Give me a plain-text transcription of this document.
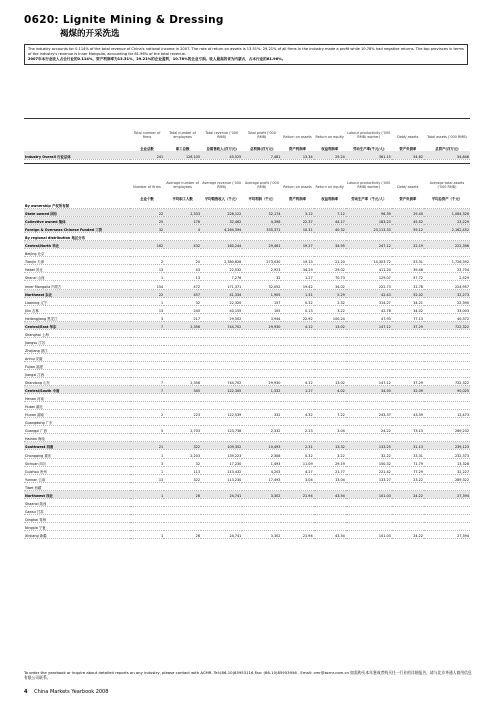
0620: Lignite Mining & Dressing
褐煤的开采洗选
The industry accounts for 0.114% of the total revenue of China's national income in 2007. The rate of return on assets is 13.51%. 29.21% of all firms in the industry made a profit while 10.78% had negative returns. The top provinces in terms of the industry's revenue is Inner Mongolia, accounting for 61.96% of the total revenue.
2007年本行业收入占全行业的0.114%，资产利润率为13.51%，29.21%的企业盈利，10.78%的企业亏损。收入最高的省为内蒙古，占本行业的61.96%。
	Total number of firms	Total number of employees	Total revenue (’000 RMB)	Total profit (’000 RMB)	Return on assets	Return on equity	Labour productivity (’000 RMB/ worker)	Debt/ assets	Total assets (’000 RMB)
	企业总数	职工总数	总销售收入(百万元)	总利润(百万元)	资产利润率	权益利润率	劳动生产率(千元/人)	资产负债率	总资产(百万元)
Industry Overall 行业总体	241	126,105	45,525	7,481	13.34	29.24	361.15	54.62	54,846
	Number of firms	Average number of employees	Average revenue (’000 RMB)	Average profit (’000 RMB)	Return on assets	Return on equity	Labour productivity (’000 RMB/ worker)	Debt/ assets	Average total assets (’000 RMB)
	企业个数	平均职工人数	平均销售收入（千元）	平均利润（千元）	资产利润率	权益利润率	劳动生产率（千元/人）	资产负债率	平均总资产（千元）
By ownership 产权所有制									
State owned 国有	22	2,333	226,122	32,174	3.12	7.12	96.39	29.40	1,064,326
Collective owned 集体	25	176	32,462	4,398	22.37	44.17	183.23	45.52	23,229
Foreign & Overseas Chinese Funded 三资	32	4	4,264,394	335,371	10.31	40.32	23,113.33	59.12	2,162,452
By regional distribution 地区分布									
Central/North 华北	162	432	160,244	29,461	19.27	34.95	247.12	22.19	222,396
Beijing 北京									
Tianjin 天津	2	20	2,380,628	273,030	19.13	21.20	14,303.72	53.31	1,726,392
Hebei 河北	13	43	22,532	2,923	34.29	29.02	411.24	39.46	23,704
Shanxi 山西	1	13	7,276	32	1.27	70.73	129.07	57.72	2,529
Inner Mongolia 内蒙古	154	472	171,371	32,052	19.42	34.02	222.73	31.78	224,957
Northeast 东北	22	457	41,334	1,905	1.31	5.29	42.43	52.02	32,273
Liaoning 辽宁	1	32	22,320	157	0.32	2.32	314.27	34.21	22,390
Jilin 吉林	13	240	40,155	105	0.13	3.22	42.78	34.02	33,003
Heilongjiang 黑龙江	3	217	29,502	3,944	22.92	100.24	47.93	77.13	40,372
Central/East 华东	7	2,356	744,702	29,930	4.12	13.02	147.12	37.29	722,322
Shanghai 上海									
Jiangsu 江苏									
Zhejiang 浙江									
Anhui 安徽									
Fujian 福建									
Jiangxi 江西									
Shandong 山东	7	2,356	744,702	29,930	4.12	13.02	147.12	37.29	722,322
Central/South 中南	7	345	122,305	1,332	1.27	4.02	34.50	32.09	90,025
Henan 河南									
Hubei 湖北									
Hunan 湖南	2	223	122,539	332	4.32	7.22	243.37	43.39	12,473
Guangdong 广东									
Guangxi 广西	5	2,703	123,738	2,332	2.13	3.04	24.22	73.13	269,232
Hainan 海南									
Southwest 西南	21	322	109,352	10,493	2.31	13.32	133.25	31.13	239,123
Chongqing 重庆	1	2,203	139,223	2,308	0.32	3.22	32.22	33.31	232,373
Sichuan 四川	3	32	17,230	1,493	11.09	29.19	150.32	71.79	13,328
Guizhou 贵州	1	113	113,432	4,203	4.27	21.77	221.42	77.29	32,227
Yunnan 云南	13	322	113,230	17,493	3.04	13.04	133.27	23.22	289,322
Tibet 西藏									
Northwest 西北	1	28	24,741	3,302	21.94	43.54	101.03	24.22	27,394
Shaanxi 陕西									
Gansu 甘肃									
Qinghai 青海									
Ningxia 宁夏									
Xinjiang 新疆	1	28	24,741	3,302	21.94	43.54	101.03	24.22	27,394
To order the yearbook or inquire about detailed reports on any industry, please contact with ACMR. Tel:(86-10)85953116 Fax: (86-10)85953956 . Email: cmr@acmr.com.cn 如需购买本年鉴或者购买任一行业的详细报告，请与北京华通人商用信息有限公司联系。
4 China Markets Yearbook 2008
